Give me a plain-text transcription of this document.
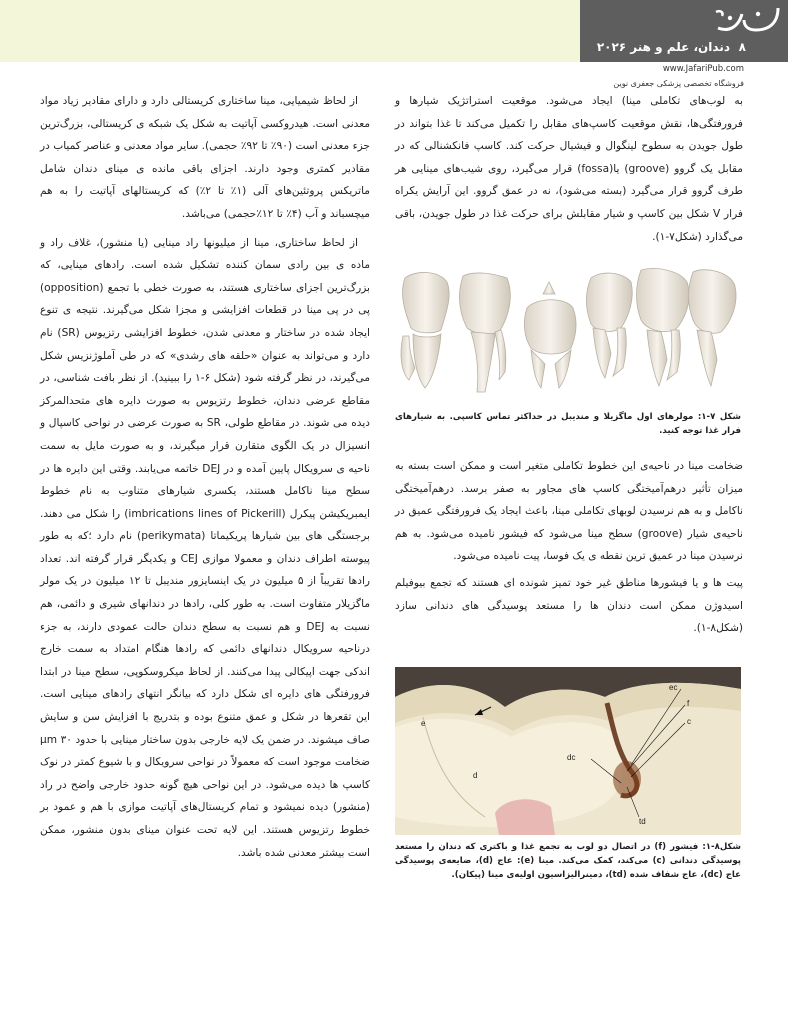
دندان، علم و هنر ۲۰۲۶ ۸
www.JafariPub.com
فروشگاه تخصصی پزشکی جعفری نوین

به لوب‌های تکاملی مینا) ایجاد می‌شود. موقعیت استراتژیک شیارها و فرورفتگی‌ها، نقش موقعیت کاسپ‌های مقابل را تکمیل می‌کند تا غذا بتواند در طول جویدن به سطوح لینگوال و فیشیال حرکت کند. کاسپ فانکشنالی که در مقابل یک گروو (groove) یا(fossa) قرار می‌گیرد، روی شیب‌های مینایی هر طرف گروو قرار می‌گیرد (بسته می‌شود)، نه در عمق گروو. این آرایش یکراه فرار V شکل بین کاسپ و شیار مقابلش برای حرکت غذا در طول جویدن، باقی می‌گذارد (شکل۷-۱).

شکل ۷-۱: مولرهای اول ماگزیلا و مندیبل در حداکثر تماس کاسپی. به شیارهای فرار غذا توجه کنید.

ضخامت مینا در ناحیه‌ی این خطوط تکاملی متغیر است و ممکن است بسته به میزان تأثیر درهم‌آمیختگی کاسپ های مجاور به صفر برسد. درهم‌آمیختگی ناکامل و به هم نرسیدن لوبهای تکاملی مینا، باعث ایجاد یک فرورفتگی عمیق در ناحیه‌ی شیار (groove) سطح مینا می‌شود که فیشور نامیده می‌شود. به هم نرسیدن مینا در عمیق ترین نقطه ی یک فوسا، پیت نامیده می‌شود.

پیت ها و یا فیشورها مناطق غیر خود تمیز شونده ای هستند که تجمع بیوفیلم اسیدوژن ممکن است دندان ها را مستعد پوسیدگی های دندانی سازد (شکل۸-۱).

ec
f
c
dc
td
e
d
شکل۸-۱: فیشور (f) در اتصال دو لوب به تجمع غذا و باکتری که دندان را مستعد پوسیدگی دندانی (c) می‌کند، کمک می‌کند. مینا (e): عاج (d)، ضایعه‌ی پوسیدگی عاج (dc)، عاج شفاف شده (td)، دمینرالیزاسیون اولیه‌ی مینا (پیکان).

از لحاظ شیمیایی، مینا ساختاری کریستالی دارد و دارای مقادیر زیاد مواد معدنی است. هیدروکسی آپاتیت به شکل یک شبکه ی کریستالی، بزرگ‌ترین جزء معدنی است (۹۰٪ تا ۹۲٪ حجمی). سایر مواد معدنی و عناصر کمیاب در مقادیر کمتری وجود دارند. اجزای باقی مانده ی مینای دندان شامل ماتریکس پروتئین‌های آلی (۱٪ تا ۲٪) که کریستالهای آپاتیت را به هم میچسباند و آب (۴٪ تا ۱۲٪حجمی) می‌باشد.

از لحاظ ساختاری، مینا از میلیونها راد مینایی (یا منشور)، غلاف راد و ماده ی بین رادی سمان کننده تشکیل شده است. رادهای مینایی، که بزرگ‌ترین اجزای ساختاری هستند، به صورت خطی با تجمع (opposition) پی در پی مینا در قطعات افزایشی و مجزا شکل می‌گیرند. نتیجه ی تنوع ایجاد شده در ساختار و معدنی شدن، خطوط افزایشی رتزیوس (SR) نام دارد و می‌تواند به عنوان «حلقه های رشدی» که در طی آملوژنزیس شکل می‌گیرند، در نظر گرفته شود (شکل ۶-۱ را ببینید). از نظر بافت شناسی، در مقاطع عرضی دندان، خطوط رتزیوس به صورت دایره های متحدالمرکز دیده می شوند. در مقاطع طولی، SR به صورت عرضی در نواحی کاسپال و انسیزال در یک الگوی متقارن قرار میگیرند، و به صورت مایل به سمت ناحیه ی سرویکال پایین آمده و در DEJ خاتمه می‌یابند. وقتی این دایره ها در سطح مینا ناکامل هستند، یکسری شیارهای متناوب به نام خطوط ایمبریکیشن پیکرل (imbrications lines of Pickerill) را شکل می دهند. برجستگی های بین شیارها پریکیماتا (perikymata) نام دارد ؛که به طور پیوسته اطراف دندان و معمولا موازی CEJ و یکدیگر قرار گرفته اند. تعداد رادها تقریباً از ۵ میلیون در یک اینسایزور مندیبل تا ۱۲ میلیون در یک مولر ماگزیلار متفاوت است. به طور کلی، رادها در دندانهای شیری و دائمی، هم نسبت به DEJ و هم نسبت به سطح دندان حالت عمودی دارند، به جزء درناحیه سرویکال دندانهای دائمی که رادها هنگام امتداد به سمت خارج اندکی جهت اپیکالی پیدا می‌کنند. از لحاظ میکروسکوپی، سطح مینا در ابتدا فرورفتگی های دایره ای شکل دارد که بیانگر انتهای رادهای مینایی است. این تقعرها در شکل و عمق متنوع بوده و بتدریج با افزایش سن و سایش صاف میشوند. در ضمن یک لایه خارجی بدون ساختار مینایی با حدود ۳۰ μm ضخامت موجود است که معمولاً در نواحی سرویکال و با شیوع کمتر در نوک کاسپ ها دیده می‌شود. در این نواحی هیچ گونه حدود خارجی واضح در راد (منشور) دیده نمیشود و تمام کریستال‌های آپاتیت موازی با هم و عمود بر خطوط رتزیوس هستند. این لایه تحت عنوان مینای بدون منشور، ممکن است بیشتر معدنی شده باشد.
